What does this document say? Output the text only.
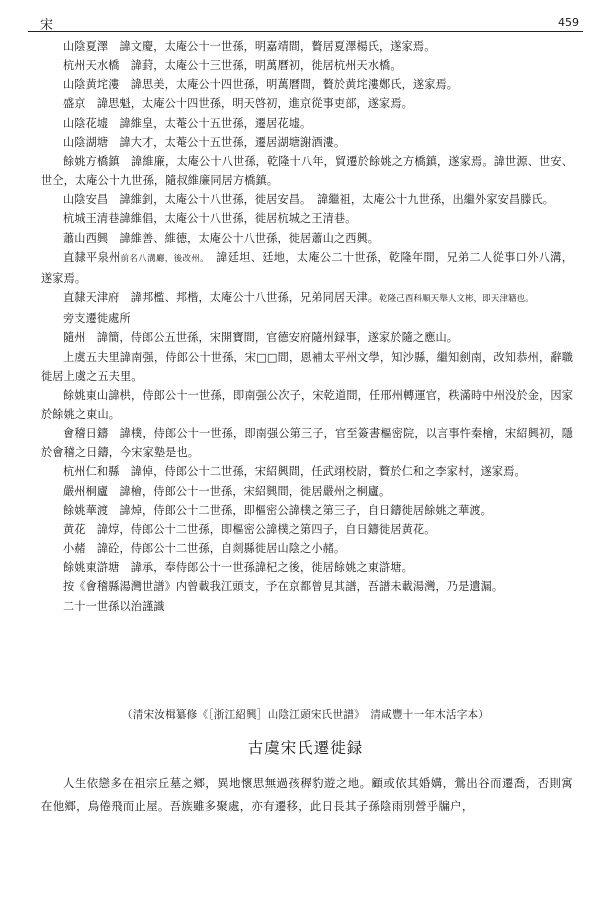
宋	459

山陰夏澤　諱文慶，太庵公十一世孫，明嘉靖間，贅居夏澤楊氏，遂家焉。

杭州天水橋　諱葑，太庵公十三世孫，明萬曆初，徙居杭州天水橋。

山陰黄垞漊　諱思美，太庵公十四世孫，明萬曆間，贅於黄垞漊鄭氏，遂家焉。

盛京　諱思魁，太庵公十四世孫，明天啓初，進京從事吏部，遂家焉。

山陰花墟　諱維皇，太菴公十五世孫，遷居花墟。

山陰湖塘　諱大才，太菴公十五世孫，遷居湖塘謝酒漊。

餘姚方橋鎮　諱維廉，太庵公十八世孫，乾隆十八年，貿遷於餘姚之方橋鎮，遂家焉。諱世源、世安、世仝，太庵公十九世孫，隨叔維廉同居方橋鎮。

山陰安昌　諱維釗，太庵公十八世孫，徙居安昌。　諱繼祖，太庵公十九世孫，出繼外家安昌滕氏。

杭城王清巷諱維倡，太庵公十八世孫，徙居杭城之王清巷。

蕭山西興　諱維善、維德，太庵公十八世孫，徙居蕭山之西興。

直隸平泉州前名八溝廳，後改州。　諱廷坦、廷地，太庵公二十世孫，乾隆年間，兄弟二人從事口外八溝，遂家焉。

直隸天津府　諱邦檻、邦楷，太庵公十八世孫，兄弟同居天津。乾隆己酉科順天舉人文彬，即天津籍也。

旁支遷徙處所

隨州　諱簡，侍郎公五世孫，宋開寶間，官德安府隨州録事，遂家於隨之應山。

上虞五夫里諱南强，侍郎公十世孫，宋□□間，恩補太平州文學，知沙縣，繼知劍南，改知恭州，辭職徙居上虞之五夫里。

餘姚東山諱栱，侍郎公十一世孫，即南强公次子，宋乾道間，任邢州轉運官，秩滿時中州没於金，因家於餘姚之東山。

會稽日鑄　諱樸，侍郎公十一世孫，即南强公第三子，官至簽書樞密院，以言事忤秦檜，宋紹興初，隱於會稽之日鑄，今宋家塾是也。

杭州仁和縣　諱倬，侍郎公十二世孫，宋紹興間，任武翊校尉，贅於仁和之李家村，遂家焉。

嚴州桐廬　諱檜，侍郎公十一世孫，宋紹興間，徙居嚴州之桐廬。

餘姚華渡　諱焯，侍郎公十二世孫，即樞密公諱樸之第三子，自日鑄徙居餘姚之華渡。

黄花　諱焞，侍郎公十二世孫，即樞密公諱樸之第四子，自日鑄徙居黄花。

小赭　諱砼，侍郎公十二世孫，自剡縣徙居山陰之小赭。

餘姚東滸塘　諱承，奉侍郎公十一世孫諱杞之後，徙居餘姚之東滸塘。

按《會稽縣湯灣世譜》内曾載我江頭支，予在京都曾見其譜，吾譜未載湯灣，乃是遺漏。

二十一世孫以治謹識

（清宋汝楫纂修《［浙江紹興］山陰江頭宋氏世譜》　清咸豐十一年木活字本）
古虞宋氏遷徙録

人生依戀多在祖宗丘墓之鄉，異地懷思無過孩稺豹遊之地。顧或依其婚媾，鶯出谷而遷喬，否則寓在他鄉，鳥倦飛而止屋。吾族雖多聚處，亦有遷移，此日長其子孫陰雨別營乎牖户，
